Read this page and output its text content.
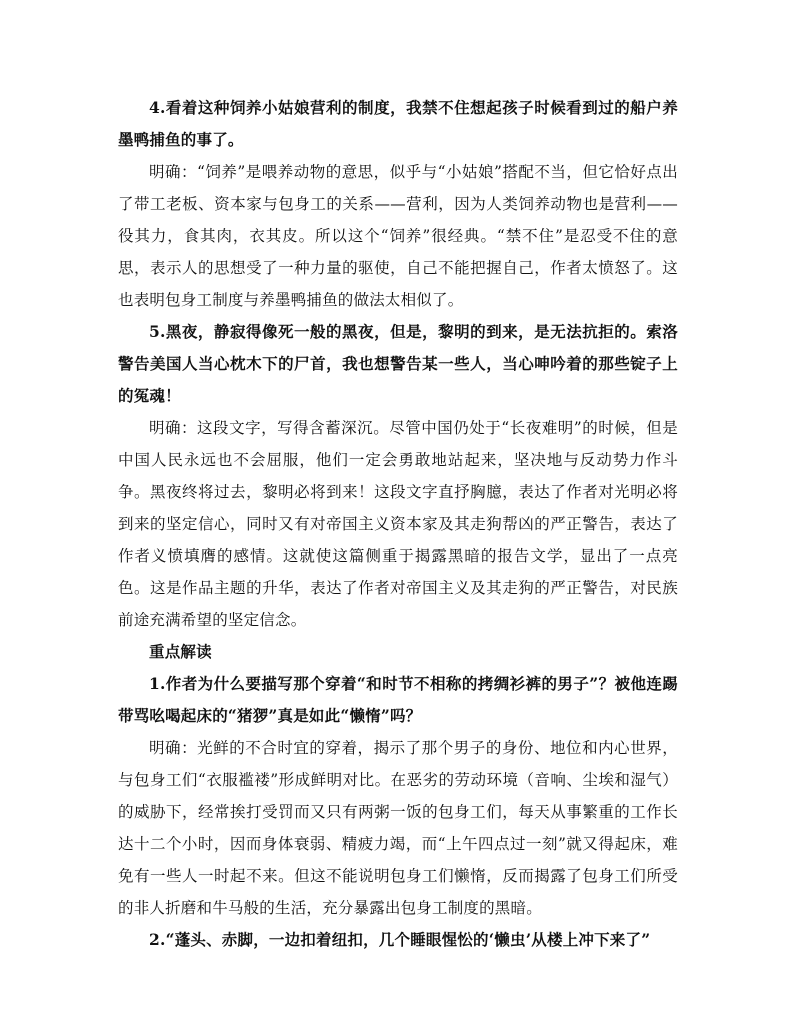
4.看着这种饲养小姑娘营利的制度，我禁不住想起孩子时候看到过的船户养墨鸭捕鱼的事了。

明确：“饲养”是喂养动物的意思，似乎与“小姑娘”搭配不当，但它恰好点出了带工老板、资本家与包身工的关系——营利，因为人类饲养动物也是营利——役其力，食其肉，衣其皮。所以这个“饲养”很经典。“禁不住”是忍受不住的意思，表示人的思想受了一种力量的驱使，自己不能把握自己，作者太愤怒了。这也表明包身工制度与养墨鸭捕鱼的做法太相似了。

5.黑夜，静寂得像死一般的黑夜，但是，黎明的到来，是无法抗拒的。索洛警告美国人当心枕木下的尸首，我也想警告某一些人，当心呻吟着的那些锭子上的冤魂！

明确：这段文字，写得含蓄深沉。尽管中国仍处于“长夜难明”的时候，但是中国人民永远也不会屈服，他们一定会勇敢地站起来，坚决地与反动势力作斗争。黑夜终将过去，黎明必将到来！这段文字直抒胸臆，表达了作者对光明必将到来的坚定信心，同时又有对帝国主义资本家及其走狗帮凶的严正警告，表达了作者义愤填膺的感情。这就使这篇侧重于揭露黑暗的报告文学，显出了一点亮色。这是作品主题的升华，表达了作者对帝国主义及其走狗的严正警告，对民族前途充满希望的坚定信念。

重点解读

1.作者为什么要描写那个穿着“和时节不相称的拷绸衫裤的男子”？被他连踢带骂吆喝起床的“猪猡”真是如此“懒惰”吗？

明确：光鲜的不合时宜的穿着，揭示了那个男子的身份、地位和内心世界，与包身工们“衣服褴褛”形成鲜明对比。在恶劣的劳动环境（音响、尘埃和湿气）的威胁下，经常挨打受罚而又只有两粥一饭的包身工们，每天从事繁重的工作长达十二个小时，因而身体衰弱、精疲力竭，而“上午四点过一刻”就又得起床，难免有一些人一时起不来。但这不能说明包身工们懒惰，反而揭露了包身工们所受的非人折磨和牛马般的生活，充分暴露出包身工制度的黑暗。

2.“蓬头、赤脚，一边扣着纽扣，几个睡眼惺忪的‘懒虫’从楼上冲下来了”
